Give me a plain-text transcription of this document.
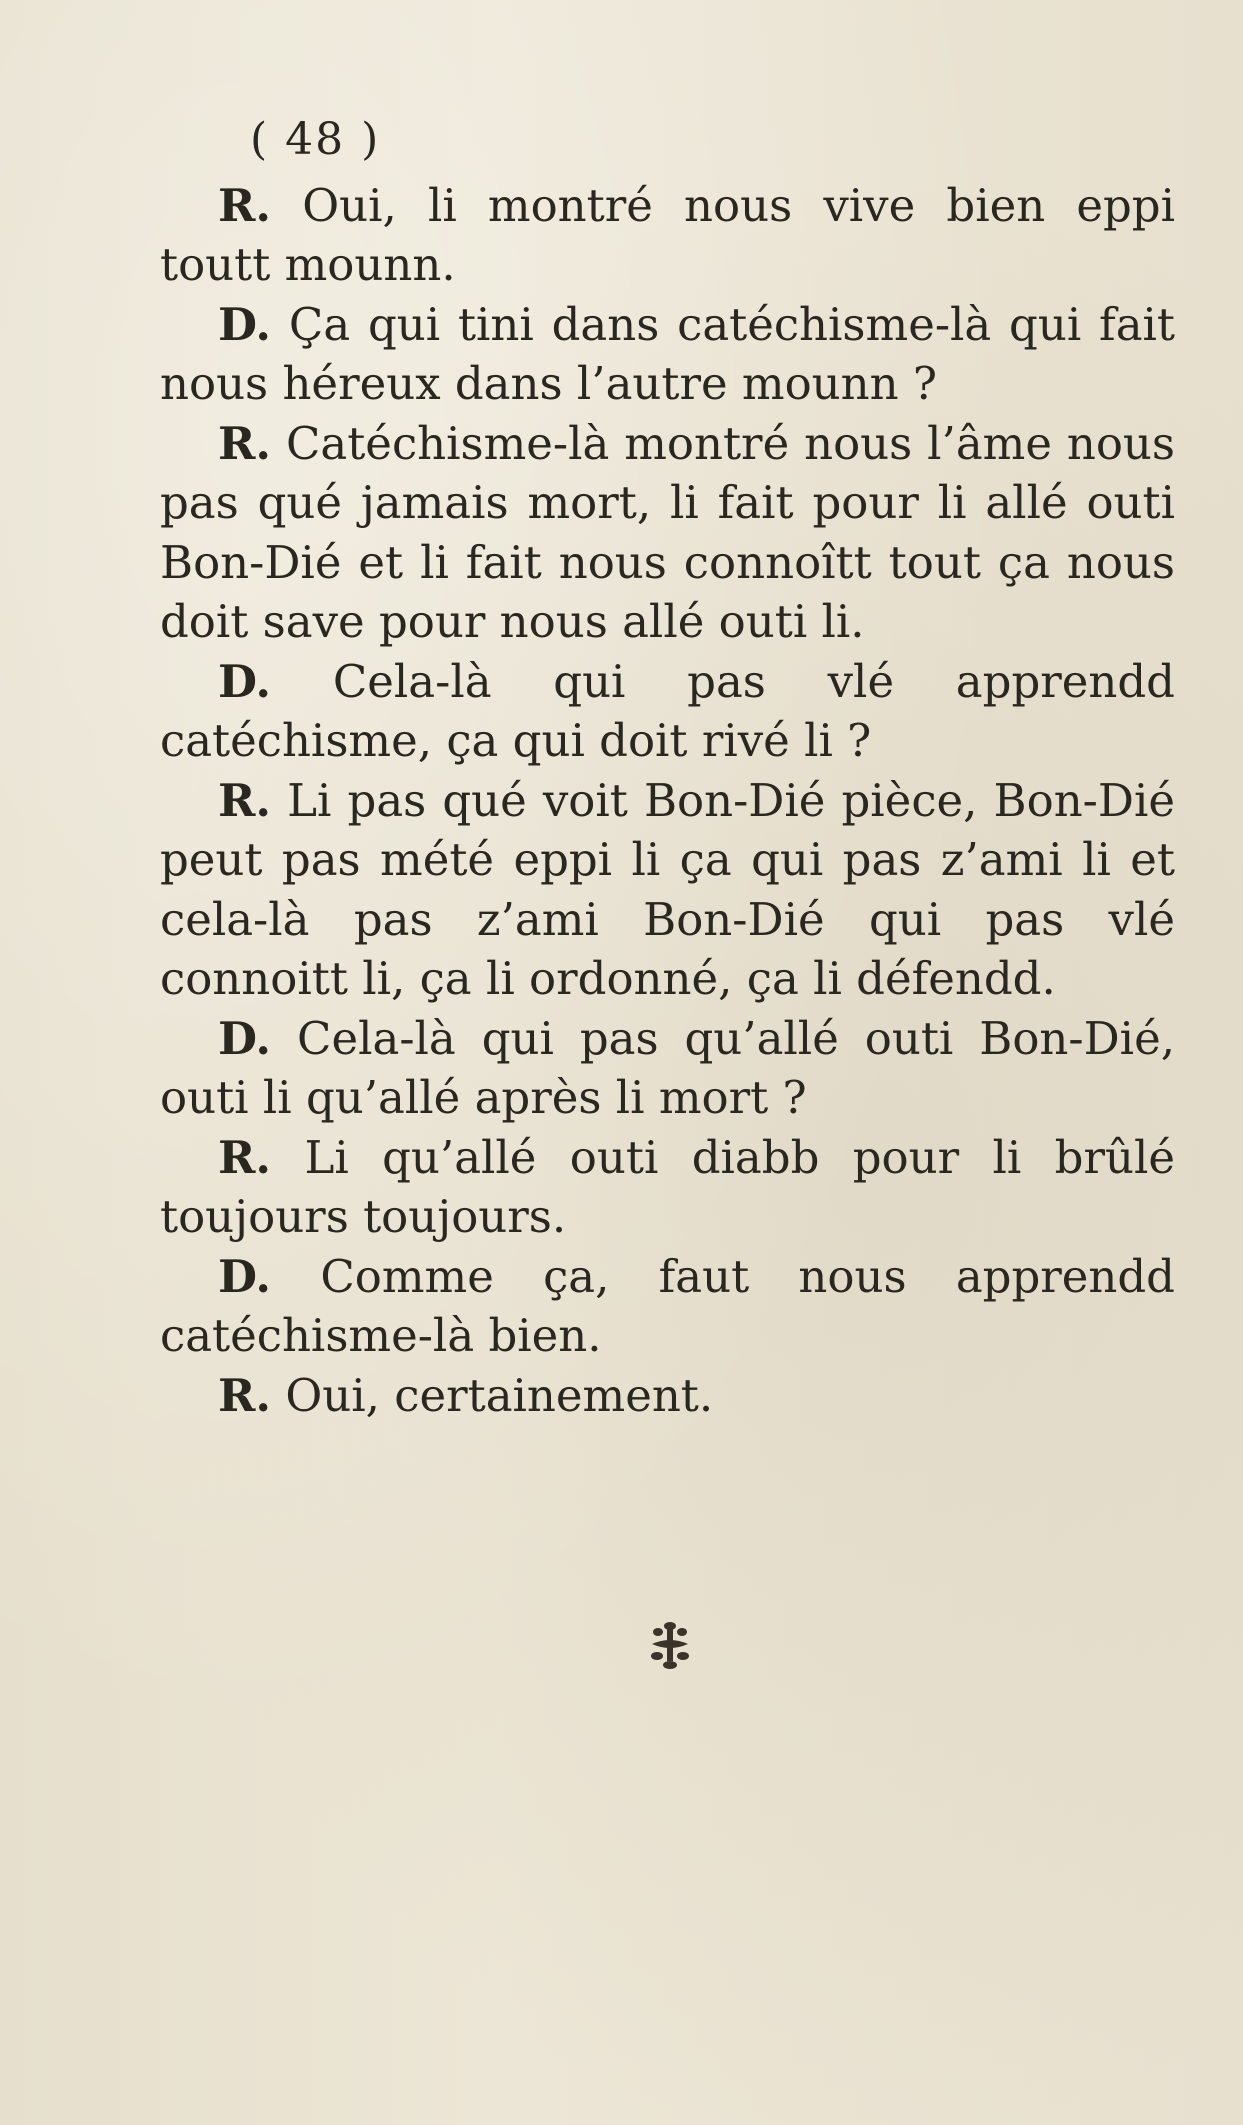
( 48 )

R. Oui, li montré nous vive bien eppi toutt mounn.

D. Ça qui tini dans catéchisme-là qui fait nous héreux dans l’autre mounn ?

R. Catéchisme-là montré nous l’âme nous pas qué jamais mort, li fait pour li allé outi Bon-Dié et li fait nous connoîtt tout ça nous doit save pour nous allé outi li.

D. Cela-là qui pas vlé apprendd catéchisme, ça qui doit rivé li ?

R. Li pas qué voit Bon-Dié pièce, Bon-Dié peut pas mété eppi li ça qui pas z’ami li et cela-là pas z’ami Bon-Dié qui pas vlé connoitt li, ça li ordonné, ça li défendd.

D. Cela-là qui pas qu’allé outi Bon-Dié, outi li qu’allé après li mort ?

R. Li qu’allé outi diabb pour li brûlé toujours toujours.

D. Comme ça, faut nous apprendd catéchisme-là bien.

R. Oui, certainement.
